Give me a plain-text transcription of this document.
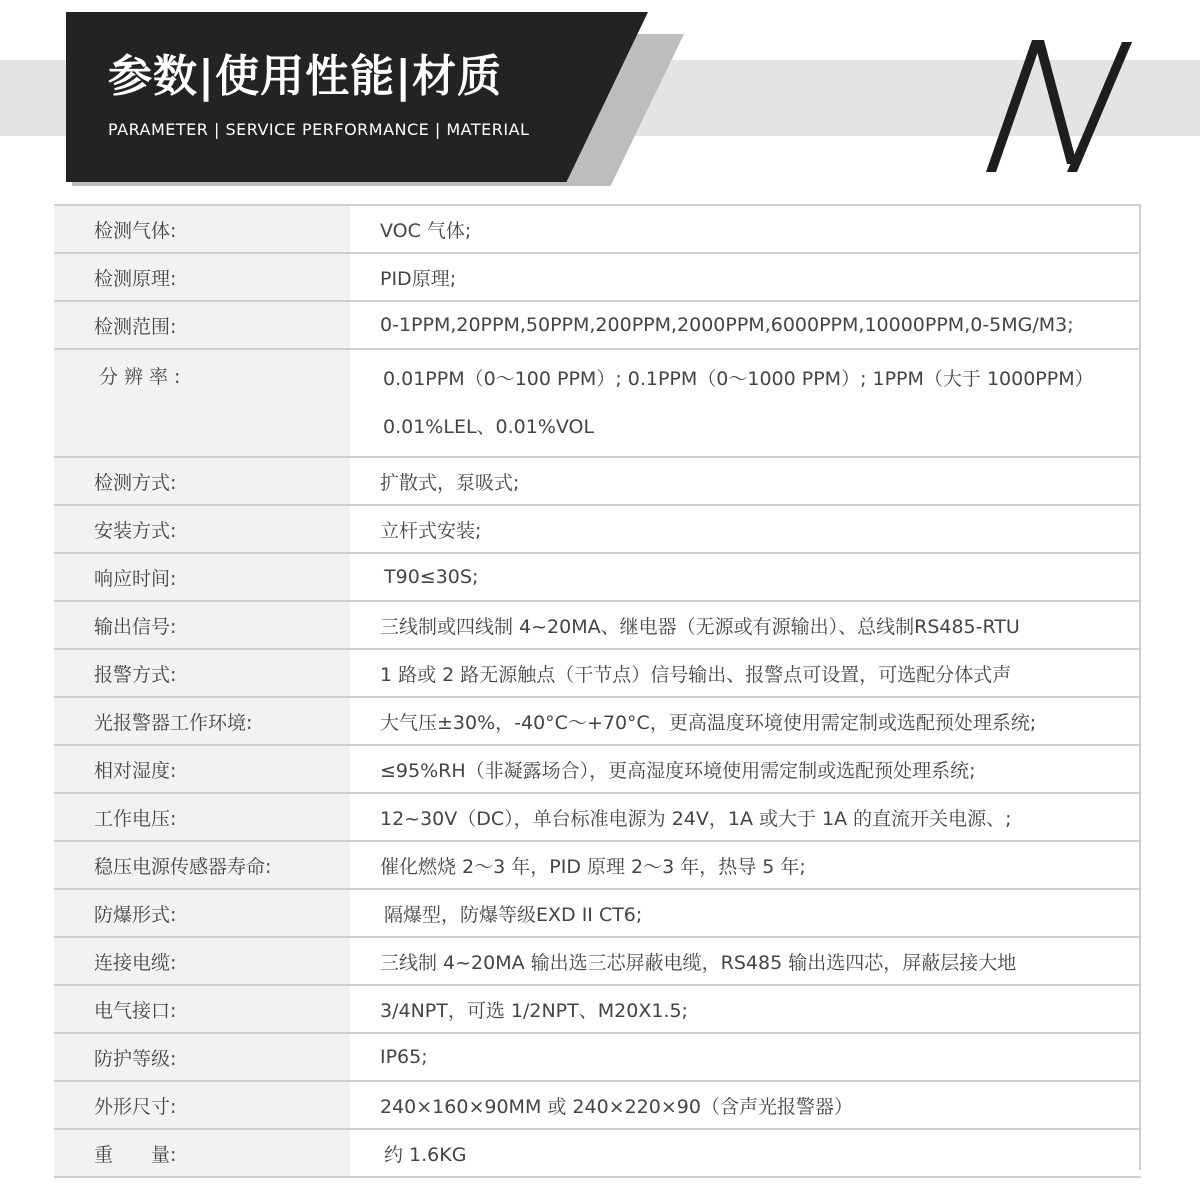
参数|使用性能|材质
PARAMETER | SERVICE PERFORMANCE | MATERIAL
检测气体:	VOC 气体;
检测原理:	PID原理;
检测范围:	0-1PPM,20PPM,50PPM,200PPM,2000PPM,6000PPM,10000PPM,0-5MG/M3;
分辨率:	0.01PPM（0～100 PPM）; 0.1PPM（0～1000 PPM）; 1PPM（大于 1000PPM）
0.01%LEL、0.01%VOL

检测方式:	扩散式，泵吸式;
安装方式:	立杆式安装;
响应时间:	T90≤30S;
输出信号:	三线制或四线制 4~20MA、继电器（无源或有源输出）、总线制RS485-RTU
报警方式:	1 路或 2 路无源触点（干节点）信号输出、报警点可设置，可选配分体式声
光报警器工作环境:	大气压±30%，-40°C～+70°C，更高温度环境使用需定制或选配预处理系统;
相对湿度:	≤95%RH（非凝露场合），更高湿度环境使用需定制或选配预处理系统;
工作电压:	12~30V（DC），单台标准电源为 24V，1A 或大于 1A 的直流开关电源、;
稳压电源传感器寿命:	催化燃烧 2～3 年，PID 原理 2～3 年，热导 5 年;
防爆形式:	隔爆型，防爆等级EXD II CT6;
连接电缆:	三线制 4~20MA 输出选三芯屏蔽电缆，RS485 输出选四芯，屏蔽层接大地
电气接口:	3/4NPT，可选 1/2NPT、M20X1.5;
防护等级:	IP65;
外形尺寸:	240×160×90MM 或 240×220×90（含声光报警器）
重　　量:	约 1.6KG
